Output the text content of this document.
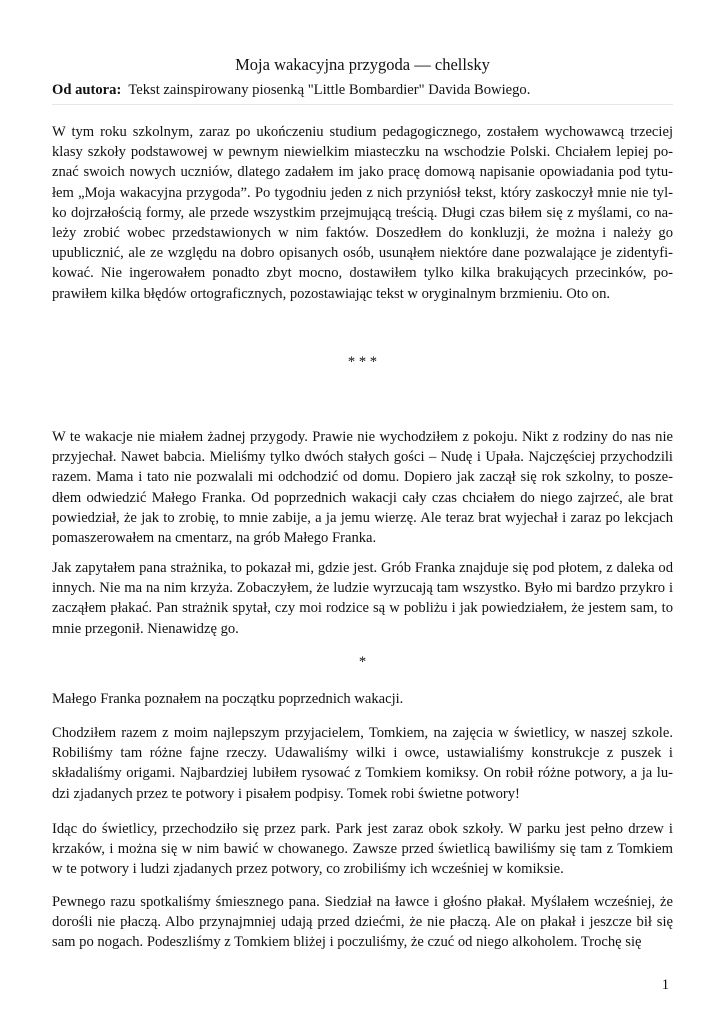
Moja wakacyjna przygoda — chellsky
Od autora: Tekst zainspirowany piosenką "Little Bombardier" Davida Bowiego.
W tym roku szkolnym, zaraz po ukończeniu studium pedagogicznego, zostałem wychowawcą trzeciej
klasy szkoły podstawowej w pewnym niewielkim miasteczku na wschodzie Polski. Chciałem lepiej po-
znać swoich nowych uczniów, dlatego zadałem im jako pracę domową napisanie opowiadania pod tytu-
łem „Moja wakacyjna przygoda”. Po tygodniu jeden z nich przyniósł tekst, który zaskoczył mnie nie tyl-
ko dojrzałością formy, ale przede wszystkim przejmującą treścią. Długi czas biłem się z myślami, co na-
leży zrobić wobec przedstawionych w nim faktów. Doszedłem do konkluzji, że można i należy go
upublicznić, ale ze względu na dobro opisanych osób, usunąłem niektóre dane pozwalające je zidentyfi-
kować. Nie ingerowałem ponadto zbyt mocno, dostawiłem tylko kilka brakujących przecinków, po-
prawiłem kilka błędów ortograficznych, pozostawiając tekst w oryginalnym brzmieniu. Oto on.
* * *
W te wakacje nie miałem żadnej przygody. Prawie nie wychodziłem z pokoju. Nikt z rodziny do nas nie
przyjechał. Nawet babcia. Mieliśmy tylko dwóch stałych gości – Nudę i Upała. Najczęściej przychodzili
razem. Mama i tato nie pozwalali mi odchodzić od domu. Dopiero jak zaczął się rok szkolny, to posze-
dłem odwiedzić Małego Franka. Od poprzednich wakacji cały czas chciałem do niego zajrzeć, ale brat
powiedział, że jak to zrobię, to mnie zabije, a ja jemu wierzę. Ale teraz brat wyjechał i zaraz po lekcjach
pomaszerowałem na cmentarz, na grób Małego Franka.
Jak zapytałem pana strażnika, to pokazał mi, gdzie jest. Grób Franka znajduje się pod płotem, z daleka od
innych. Nie ma na nim krzyża. Zobaczyłem, że ludzie wyrzucają tam wszystko. Było mi bardzo przykro i
zacząłem płakać. Pan strażnik spytał, czy moi rodzice są w pobliżu i jak powiedziałem, że jestem sam, to
mnie przegonił. Nienawidzę go.
*
Małego Franka poznałem na początku poprzednich wakacji.
Chodziłem razem z moim najlepszym przyjacielem, Tomkiem, na zajęcia w świetlicy, w naszej szkole.
Robiliśmy tam różne fajne rzeczy. Udawaliśmy wilki i owce, ustawialiśmy konstrukcje z puszek i
składaliśmy origami. Najbardziej lubiłem rysować z Tomkiem komiksy. On robił różne potwory, a ja lu-
dzi zjadanych przez te potwory i pisałem podpisy. Tomek robi świetne potwory!
Idąc do świetlicy, przechodziło się przez park. Park jest zaraz obok szkoły. W parku jest pełno drzew i
krzaków, i można się w nim bawić w chowanego. Zawsze przed świetlicą bawiliśmy się tam z Tomkiem
w te potwory i ludzi zjadanych przez potwory, co zrobiliśmy ich wcześniej w komiksie.
Pewnego razu spotkaliśmy śmiesznego pana. Siedział na ławce i głośno płakał. Myślałem wcześniej, że
dorośli nie płaczą. Albo przynajmniej udają przed dziećmi, że nie płaczą. Ale on płakał i jeszcze bił się
sam po nogach. Podeszliśmy z Tomkiem bliżej i poczuliśmy, że czuć od niego alkoholem. Trochę się
1
